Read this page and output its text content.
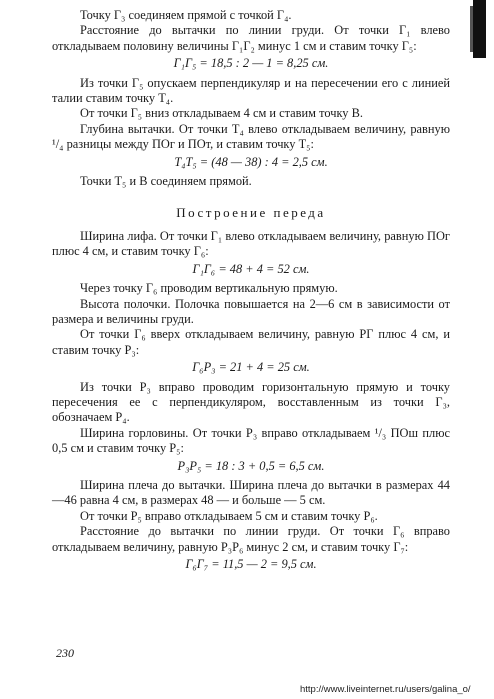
Точку Г₃ соединяем прямой с точкой Г₄.

Расстояние до вытачки по линии груди. От точки Г₁ влево откладываем половину величины Г₁Г₂ минус 1 см и ставим точку Г₅:

Г₁Г₅ = 18,5 : 2 — 1 = 8,25 см.

Из точки Г₅ опускаем перпендикуляр и на пересечении его с линией талии ставим точку Т₄.

От точки Г₅ вниз откладываем 4 см и ставим точку В.

Глубина вытачки. От точки Т₄ влево откладываем величину, равную ¹/₄ разницы между ПОг и ПОт, и ставим точку Т₅:

Т₄Т₅ = (48 — 38) : 4 = 2,5 см.

Точки Т₅ и В соединяем прямой.

Построение переда

Ширина лифа. От точки Г₁ влево откладываем величину, равную ПОг плюс 4 см, и ставим точку Г₆:

Г₁Г₆ = 48 + 4 = 52 см.

Через точку Г₆ проводим вертикальную прямую.

Высота полочки. Полочка повышается на 2—6 см в зависимости от размера и величины груди.

От точки Г₆ вверх откладываем величину, равную РГ плюс 4 см, и ставим точку Р₃:

Г₆Р₃ = 21 + 4 = 25 см.

Из точки Р₃ вправо проводим горизонтальную прямую и точку пересечения ее с перпендикуляром, восставленным из точки Г₃, обозначаем Р₄.

Ширина горловины. От точки Р₃ вправо откладываем ¹/₃ ПОш плюс 0,5 см и ставим точку Р₅:

Р₃Р₅ = 18 : 3 + 0,5 = 6,5 см.

Ширина плеча до вытачки. Ширина плеча до вытачки в размерах 44—46 равна 4 см, в размерах 48 — и больше — 5 см.

От точки Р₅ вправо откладываем 5 см и ставим точку Р₆.

Расстояние до вытачки по линии груди. От точки Г₆ вправо откладываем величину, равную Р₃Р₆ минус 2 см, и ставим точку Г₇:

Г₆Г₇ = 11,5 — 2 = 9,5 см.

230
http://www.liveinternet.ru/users/galina_o/
